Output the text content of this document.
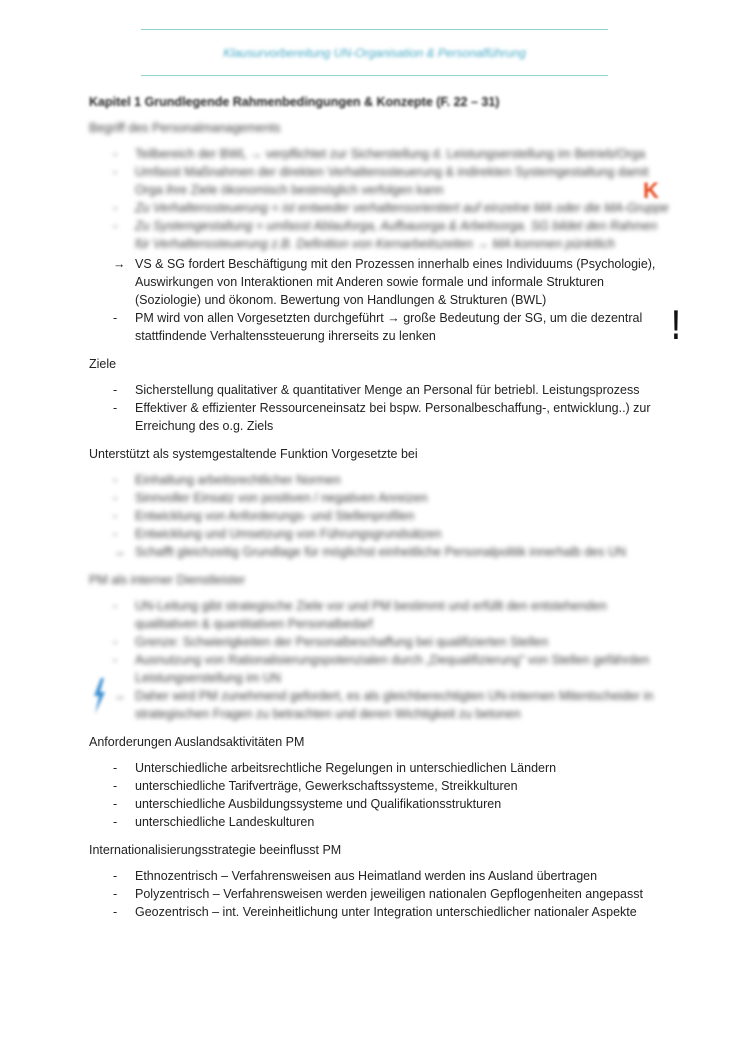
Klausurvorbereitung UN-Organisation & Personalführung
K
!
Kapitel 1 Grundlegende Rahmenbedingungen & Konzepte (F. 22 – 31)
Begriff des Personalmanagements
- Teilbereich der BWL → verpflichtet zur Sicherstellung d. Leistungserstellung im Betrieb/Orga
- Umfasst Maßnahmen der direkten Verhaltenssteuerung & indirekten Systemgestaltung damit Orga ihre Ziele ökonomisch bestmöglich verfolgen kann
- Zu Verhaltenssteuerung = ist entweder verhaltensorientiert auf einzelne MA oder die MA-Gruppe
- Zu Systemgestaltung = umfasst Ablauforga, Aufbauorga & Arbeitsorga. SG bildet den Rahmen für Verhaltenssteuerung z.B. Definition von Kernarbeitszeiten → MA kommen pünktlich
→ VS & SG fordert Beschäftigung mit den Prozessen innerhalb eines Individuums (Psychologie), Auswirkungen von Interaktionen mit Anderen sowie formale und informale Strukturen (Soziologie) und ökonom. Bewertung von Handlungen & Strukturen (BWL)
- PM wird von allen Vorgesetzten durchgeführt → große Bedeutung der SG, um die dezentral stattfindende Verhaltenssteuerung ihrerseits zu lenken
Ziele
- Sicherstellung qualitativer & quantitativer Menge an Personal für betriebl. Leistungsprozess
- Effektiver & effizienter Ressourceneinsatz bei bspw. Personalbeschaffung-, entwicklung..) zur Erreichung des o.g. Ziels
Unterstützt als systemgestaltende Funktion Vorgesetzte bei
- Einhaltung arbeitsrechtlicher Normen
- Sinnvoller Einsatz von positiven / negativen Anreizen
- Entwicklung von Anforderungs- und Stellenprofilen
- Entwicklung und Umsetzung von Führungsgrundsätzen
→ Schafft gleichzeitig Grundlage für möglichst einheitliche Personalpolitik innerhalb des UN
PM als interner Dienstleister
- UN-Leitung gibt strategische Ziele vor und PM bestimmt und erfüllt den entstehenden qualitativen & quantitativen Personalbedarf
- Grenze: Schwierigkeiten der Personalbeschaffung bei qualifizierten Stellen
- Ausnutzung von Rationalisierungspotenzialen durch „Dequalifizierung" von Stellen gefährden Leistungserstellung im UN
→ Daher wird PM zunehmend gefordert, es als gleichberechtigten UN-internen Mitentscheider in strategischen Fragen zu betrachten und deren Wichtigkeit zu betonen
Anforderungen Auslandsaktivitäten PM
- Unterschiedliche arbeitsrechtliche Regelungen in unterschiedlichen Ländern
- unterschiedliche Tarifverträge, Gewerkschaftssysteme, Streikkulturen
- unterschiedliche Ausbildungssysteme und Qualifikationsstrukturen
- unterschiedliche Landeskulturen
Internationalisierungsstrategie beeinflusst PM
- Ethnozentrisch – Verfahrensweisen aus Heimatland werden ins Ausland übertragen
- Polyzentrisch – Verfahrensweisen werden jeweiligen nationalen Gepflogenheiten angepasst
- Geozentrisch – int. Vereinheitlichung unter Integration unterschiedlicher nationaler Aspekte
